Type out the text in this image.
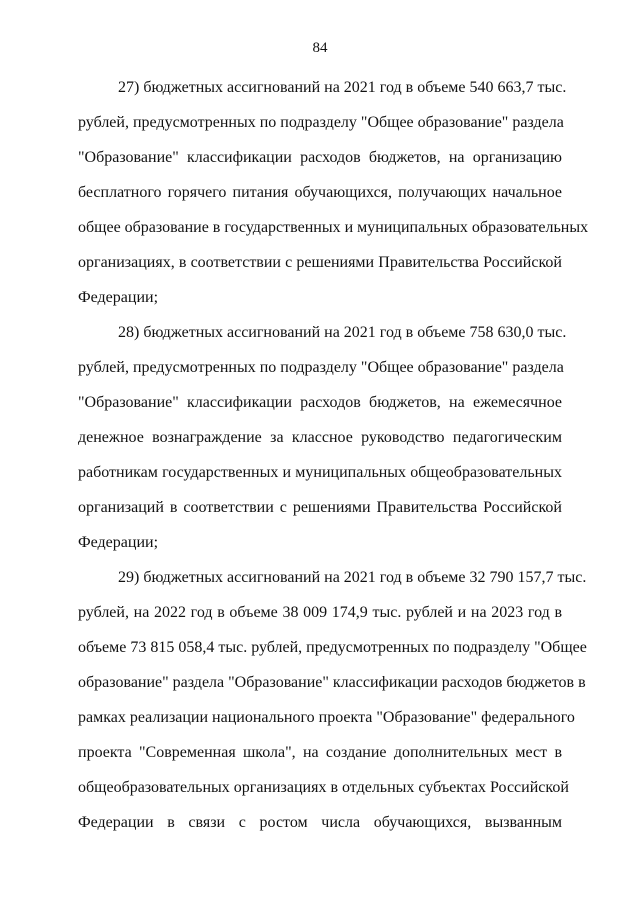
84
27) бюджетных ассигнований на 2021 год в объеме 540 663,7 тыс.
рублей, предусмотренных по подразделу "Общее образование" раздела
"Образование" классификации расходов бюджетов, на организацию
бесплатного горячего питания обучающихся, получающих начальное
общее образование в государственных и муниципальных образовательных
организациях, в соответствии с решениями Правительства Российской
Федерации;
28) бюджетных ассигнований на 2021 год в объеме 758 630,0 тыс.
рублей, предусмотренных по подразделу "Общее образование" раздела
"Образование" классификации расходов бюджетов, на ежемесячное
денежное вознаграждение за классное руководство педагогическим
работникам государственных и муниципальных общеобразовательных
организаций в соответствии с решениями Правительства Российской
Федерации;
29) бюджетных ассигнований на 2021 год в объеме 32 790 157,7 тыс.
рублей, на 2022 год в объеме 38 009 174,9 тыс. рублей и на 2023 год в
объеме 73 815 058,4 тыс. рублей, предусмотренных по подразделу "Общее
образование" раздела "Образование" классификации расходов бюджетов в
рамках реализации национального проекта "Образование" федерального
проекта "Современная школа", на создание дополнительных мест в
общеобразовательных организациях в отдельных субъектах Российской
Федерации в связи с ростом числа обучающихся, вызванным
